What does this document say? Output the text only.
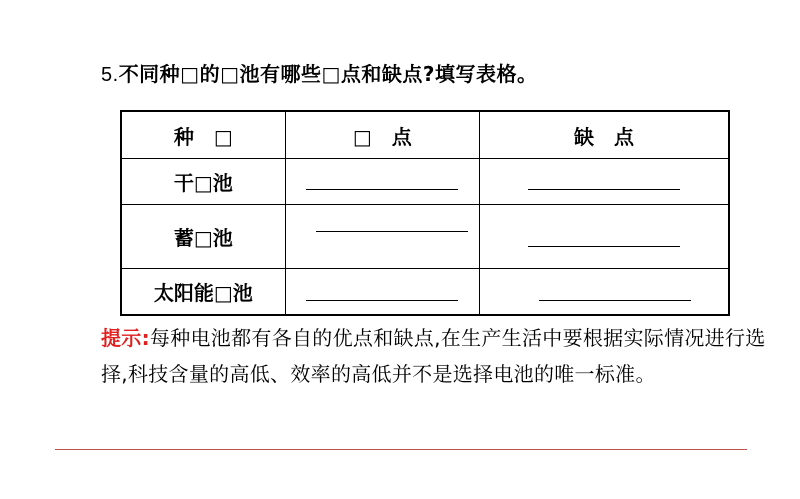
5.不同种□的□池有哪些□点和缺点?填写表格。
种　□	□　点	缺　点
干□池		
蓄□池		
太阳能□池		
提示:每种电池都有各自的优点和缺点,在生产生活中要根据实际情况进行选择,科技含量的高低、效率的高低并不是选择电池的唯一标准。
